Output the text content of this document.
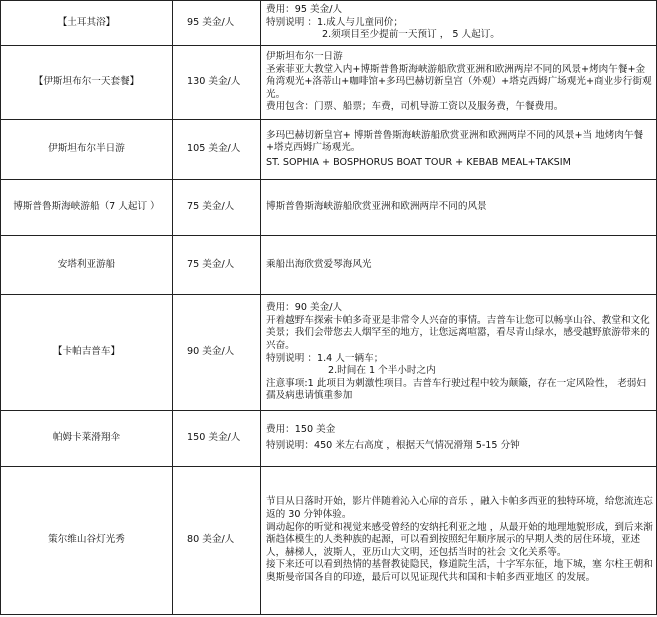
【土耳其浴】	95 美金/人	费用：95 美金/人
特别说明 ：1.成人与儿童同价；
2.须项目至少提前一天预订 ， 5 人起订。

【伊斯坦布尔一天套餐】	130 美金/人	伊斯坦布尔一日游
圣索菲亚大教堂入内+博斯普鲁斯海峡游船欣赏亚洲和欧洲两岸不同的风景+烤肉午餐+金角湾观光+洛蒂山+咖啡馆+多玛巴赫切新皇宫（外观）+塔克西姆广场观光+商业步行街观光。
费用包含：门票、船票；车费，司机导游工资以及服务费，午餐费用。

伊斯坦布尔半日游	105 美金/人	多玛巴赫切新皇宫+ 博斯普鲁斯海峡游船欣赏亚洲和欧洲两岸不同的风景+当 地烤肉午餐+塔克西姆广场观光。
ST. SOPHIA + BOSPHORUS BOAT TOUR + KEBAB MEAL+TAKSIM

博斯普鲁斯海峡游船（7 人起订 ）	75 美金/人	博斯普鲁斯海峡游船欣赏亚洲和欧洲两岸不同的风景

安塔利亚游船	75 美金/人	乘船出海欣赏爱琴海风光

【卡帕吉普车】	90 美金/人	费用：90 美金/人
开着越野车探索卡帕多奇亚是非常令人兴奋的事情。吉普车让您可以畅享山谷、教堂和文化美景；我们会带您去人烟罕至的地方，让您远离喧嚣，看尽青山绿水，感受越野旅游带来的兴奋。
特别说明 ：1.4 人一辆车；
2.时间在 1 个半小时之内
注意事项:1 此项目为刺激性项目。吉普车行驶过程中较为颠簸，存在一定风险性， 老弱妇孺及病患请慎重参加

帕姆卡莱滑翔伞	150 美金/人	费用：150 美金
特别说明：450 米左右高度 ，根据天气情况滑翔 5-15 分钟

策尔维山谷灯光秀	80 美金/人	节目从日落时开始，影片伴随着沁入心扉的音乐 ，融入卡帕多西亚的独特环境，给您流连忘返的 30 分钟体验。
调动起你的听觉和视觉来感受曾经的安纳托利亚之地 ，从最开始的地理地貌形成，到后来渐渐趋体模生的人类种族的起源，可以看到按照纪年顺序展示的早期人类的居住环境，亚述人，赫梯人，波斯人，亚历山大文明，还包括当时的社会 文化关系等。
接下来还可以看到热情的基督教徒隐民，修道院生活，十字军东征，地下城，塞 尔柱王朝和奥斯曼帝国各自的印迹，最后可以见证现代共和国和卡帕多西亚地区 的发展。
